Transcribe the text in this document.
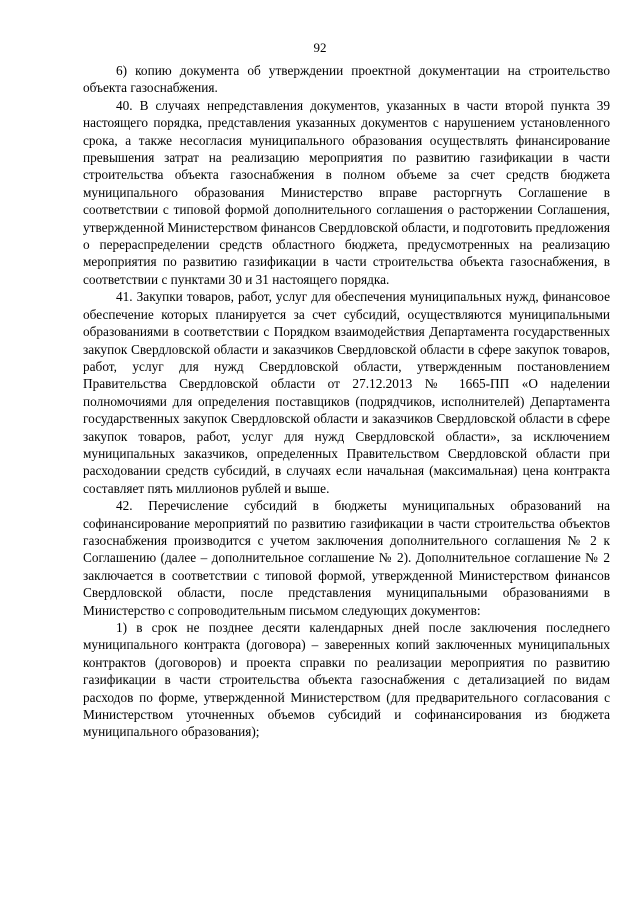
92

6) копию документа об утверждении проектной документации на строительство объекта газоснабжения.

40. В случаях непредставления документов, указанных в части второй пункта 39 настоящего порядка, представления указанных документов с нарушением установленного срока, а также несогласия муниципального образования осуществлять финансирование превышения затрат на реализацию мероприятия по развитию газификации в части строительства объекта газоснабжения в полном объеме за счет средств бюджета муниципального образования Министерство вправе расторгнуть Соглашение в соответствии с типовой формой дополнительного соглашения о расторжении Соглашения, утвержденной Министерством финансов Свердловской области, и подготовить предложения о перераспределении средств областного бюджета, предусмотренных на реализацию мероприятия по развитию газификации в части строительства объекта газоснабжения, в соответствии с пунктами 30 и 31 настоящего порядка.

41. Закупки товаров, работ, услуг для обеспечения муниципальных нужд, финансовое обеспечение которых планируется за счет субсидий, осуществляются муниципальными образованиями в соответствии с Порядком взаимодействия Департамента государственных закупок Свердловской области и заказчиков Свердловской области в сфере закупок товаров, работ, услуг для нужд Свердловской области, утвержденным постановлением Правительства Свердловской области от 27.12.2013 № 1665-ПП «О наделении полномочиями для определения поставщиков (подрядчиков, исполнителей) Департамента государственных закупок Свердловской области и заказчиков Свердловской области в сфере закупок товаров, работ, услуг для нужд Свердловской области», за исключением муниципальных заказчиков, определенных Правительством Свердловской области при расходовании средств субсидий, в случаях если начальная (максимальная) цена контракта составляет пять миллионов рублей и выше.

42. Перечисление субсидий в бюджеты муниципальных образований на софинансирование мероприятий по развитию газификации в части строительства объектов газоснабжения производится с учетом заключения дополнительного соглашения № 2 к Соглашению (далее – дополнительное соглашение № 2). Дополнительное соглашение № 2 заключается в соответствии с типовой формой, утвержденной Министерством финансов Свердловской области, после представления муниципальными образованиями в Министерство с сопроводительным письмом следующих документов:

1) в срок не позднее десяти календарных дней после заключения последнего муниципального контракта (договора) – заверенных копий заключенных муниципальных контрактов (договоров) и проекта справки по реализации мероприятия по развитию газификации в части строительства объекта газоснабжения с детализацией по видам расходов по форме, утвержденной Министерством (для предварительного согласования с Министерством уточненных объемов субсидий и софинансирования из бюджета муниципального образования);
